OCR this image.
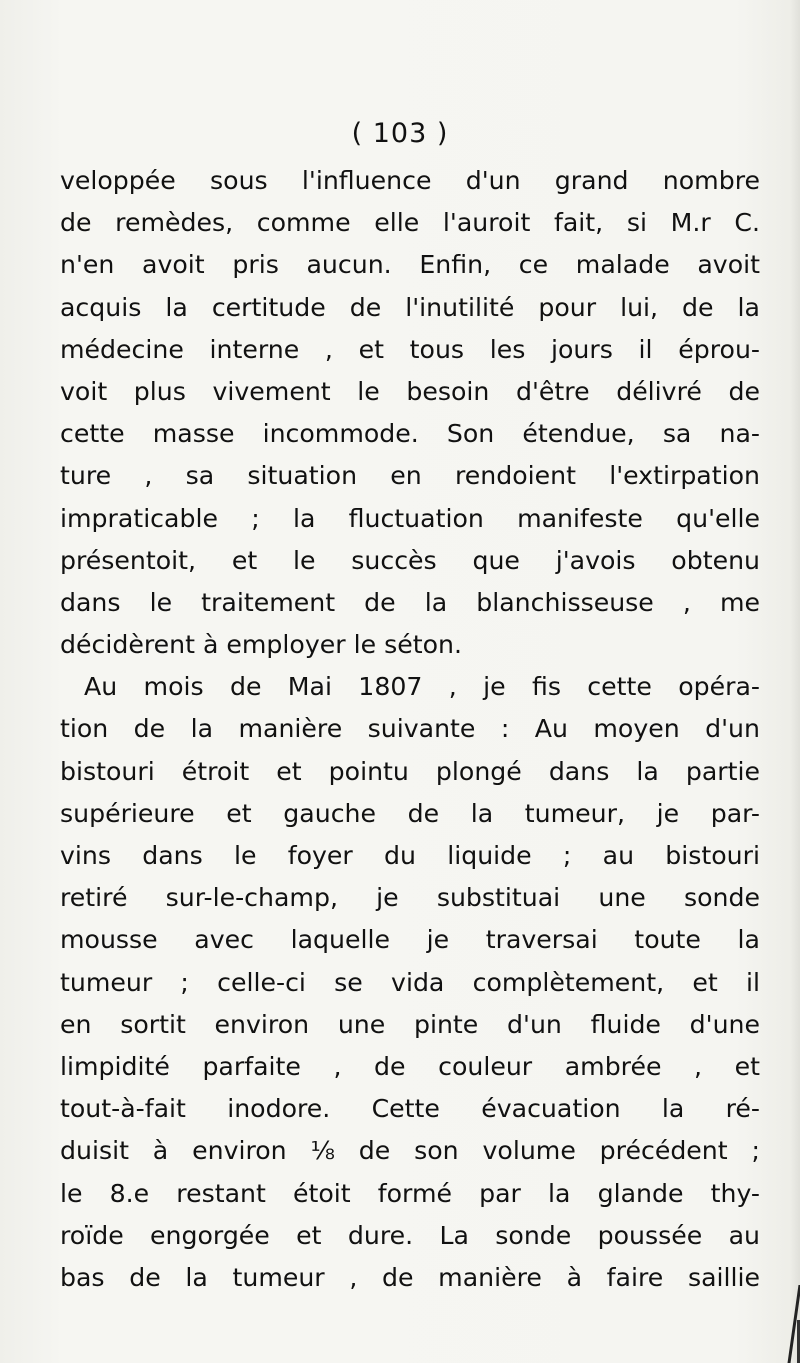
( 103 )
veloppée sous l'influence d'un grand nombre
de remèdes, comme elle l'auroit fait, si M.r C.
n'en avoit pris aucun. Enfin, ce malade avoit
acquis la certitude de l'inutilité pour lui, de la
médecine interne , et tous les jours il éprou-
voit plus vivement le besoin d'être délivré de
cette masse incommode. Son étendue, sa na-
ture , sa situation en rendoient l'extirpation
impraticable ; la fluctuation manifeste qu'elle
présentoit, et le succès que j'avois obtenu
dans le traitement de la blanchisseuse , me
décidèrent à employer le séton.
Au mois de Mai 1807 , je fis cette opéra-
tion de la manière suivante : Au moyen d'un
bistouri étroit et pointu plongé dans la partie
supérieure et gauche de la tumeur, je par-
vins dans le foyer du liquide ; au bistouri
retiré sur-le-champ, je substituai une sonde
mousse avec laquelle je traversai toute la
tumeur ; celle-ci se vida complètement, et il
en sortit environ une pinte d'un fluide d'une
limpidité parfaite , de couleur ambrée , et
tout-à-fait inodore. Cette évacuation la ré-
duisit à environ ⅛ de son volume précédent ;
le 8.e restant étoit formé par la glande thy-
roïde engorgée et dure. La sonde poussée au
bas de la tumeur , de manière à faire saillie
